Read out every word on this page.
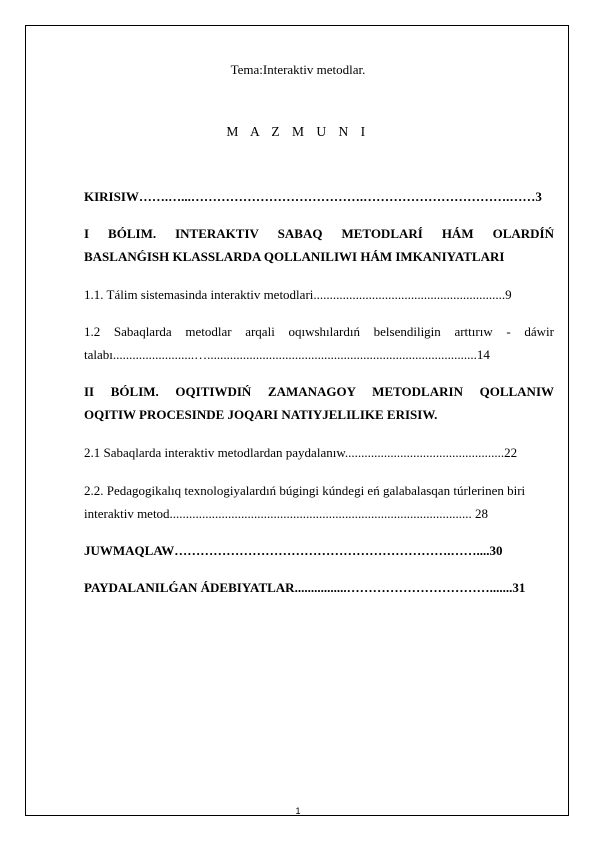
Tema:Interaktiv metodlar.
M A Z M U N I
KIRISIW…….…...………………………………….…………………………….……3
I BÓLIM. INTERAKTIV SABAQ METODLARÍ HÁM OLARDÍŃ
BASLANǴISH KLASSLARDA QOLLANILIWI HÁM IMKANIYATLARI
1.1. Tálim sistemasinda interaktiv metodlari...........................................................9
1.2 Sabaqlarda metodlar arqali oqıwshılardıń belsendiligin arttırıw - dáwir
talabı.........................…...................................................................................14
II BÓLIM. OQITIWDIŃ ZAMANAGOY METODLARIN QOLLANIW
OQITIW PROCESINDE JOQARI NATIYJELILIKE ERISIW.
2.1 Sabaqlarda interaktiv metodlardan paydalanıw.................................................22
2.2. Pedagogikalıq texnologiyalardıń búgingi kúndegi eń galabalasqan túrlerinen biri
interaktiv metod............................................................................................. 28
JUWMAQLAW……………………………………………………….……....30
PAYDALANILǴAN ÁDEBIYATLAR................…………………………….......31
1
